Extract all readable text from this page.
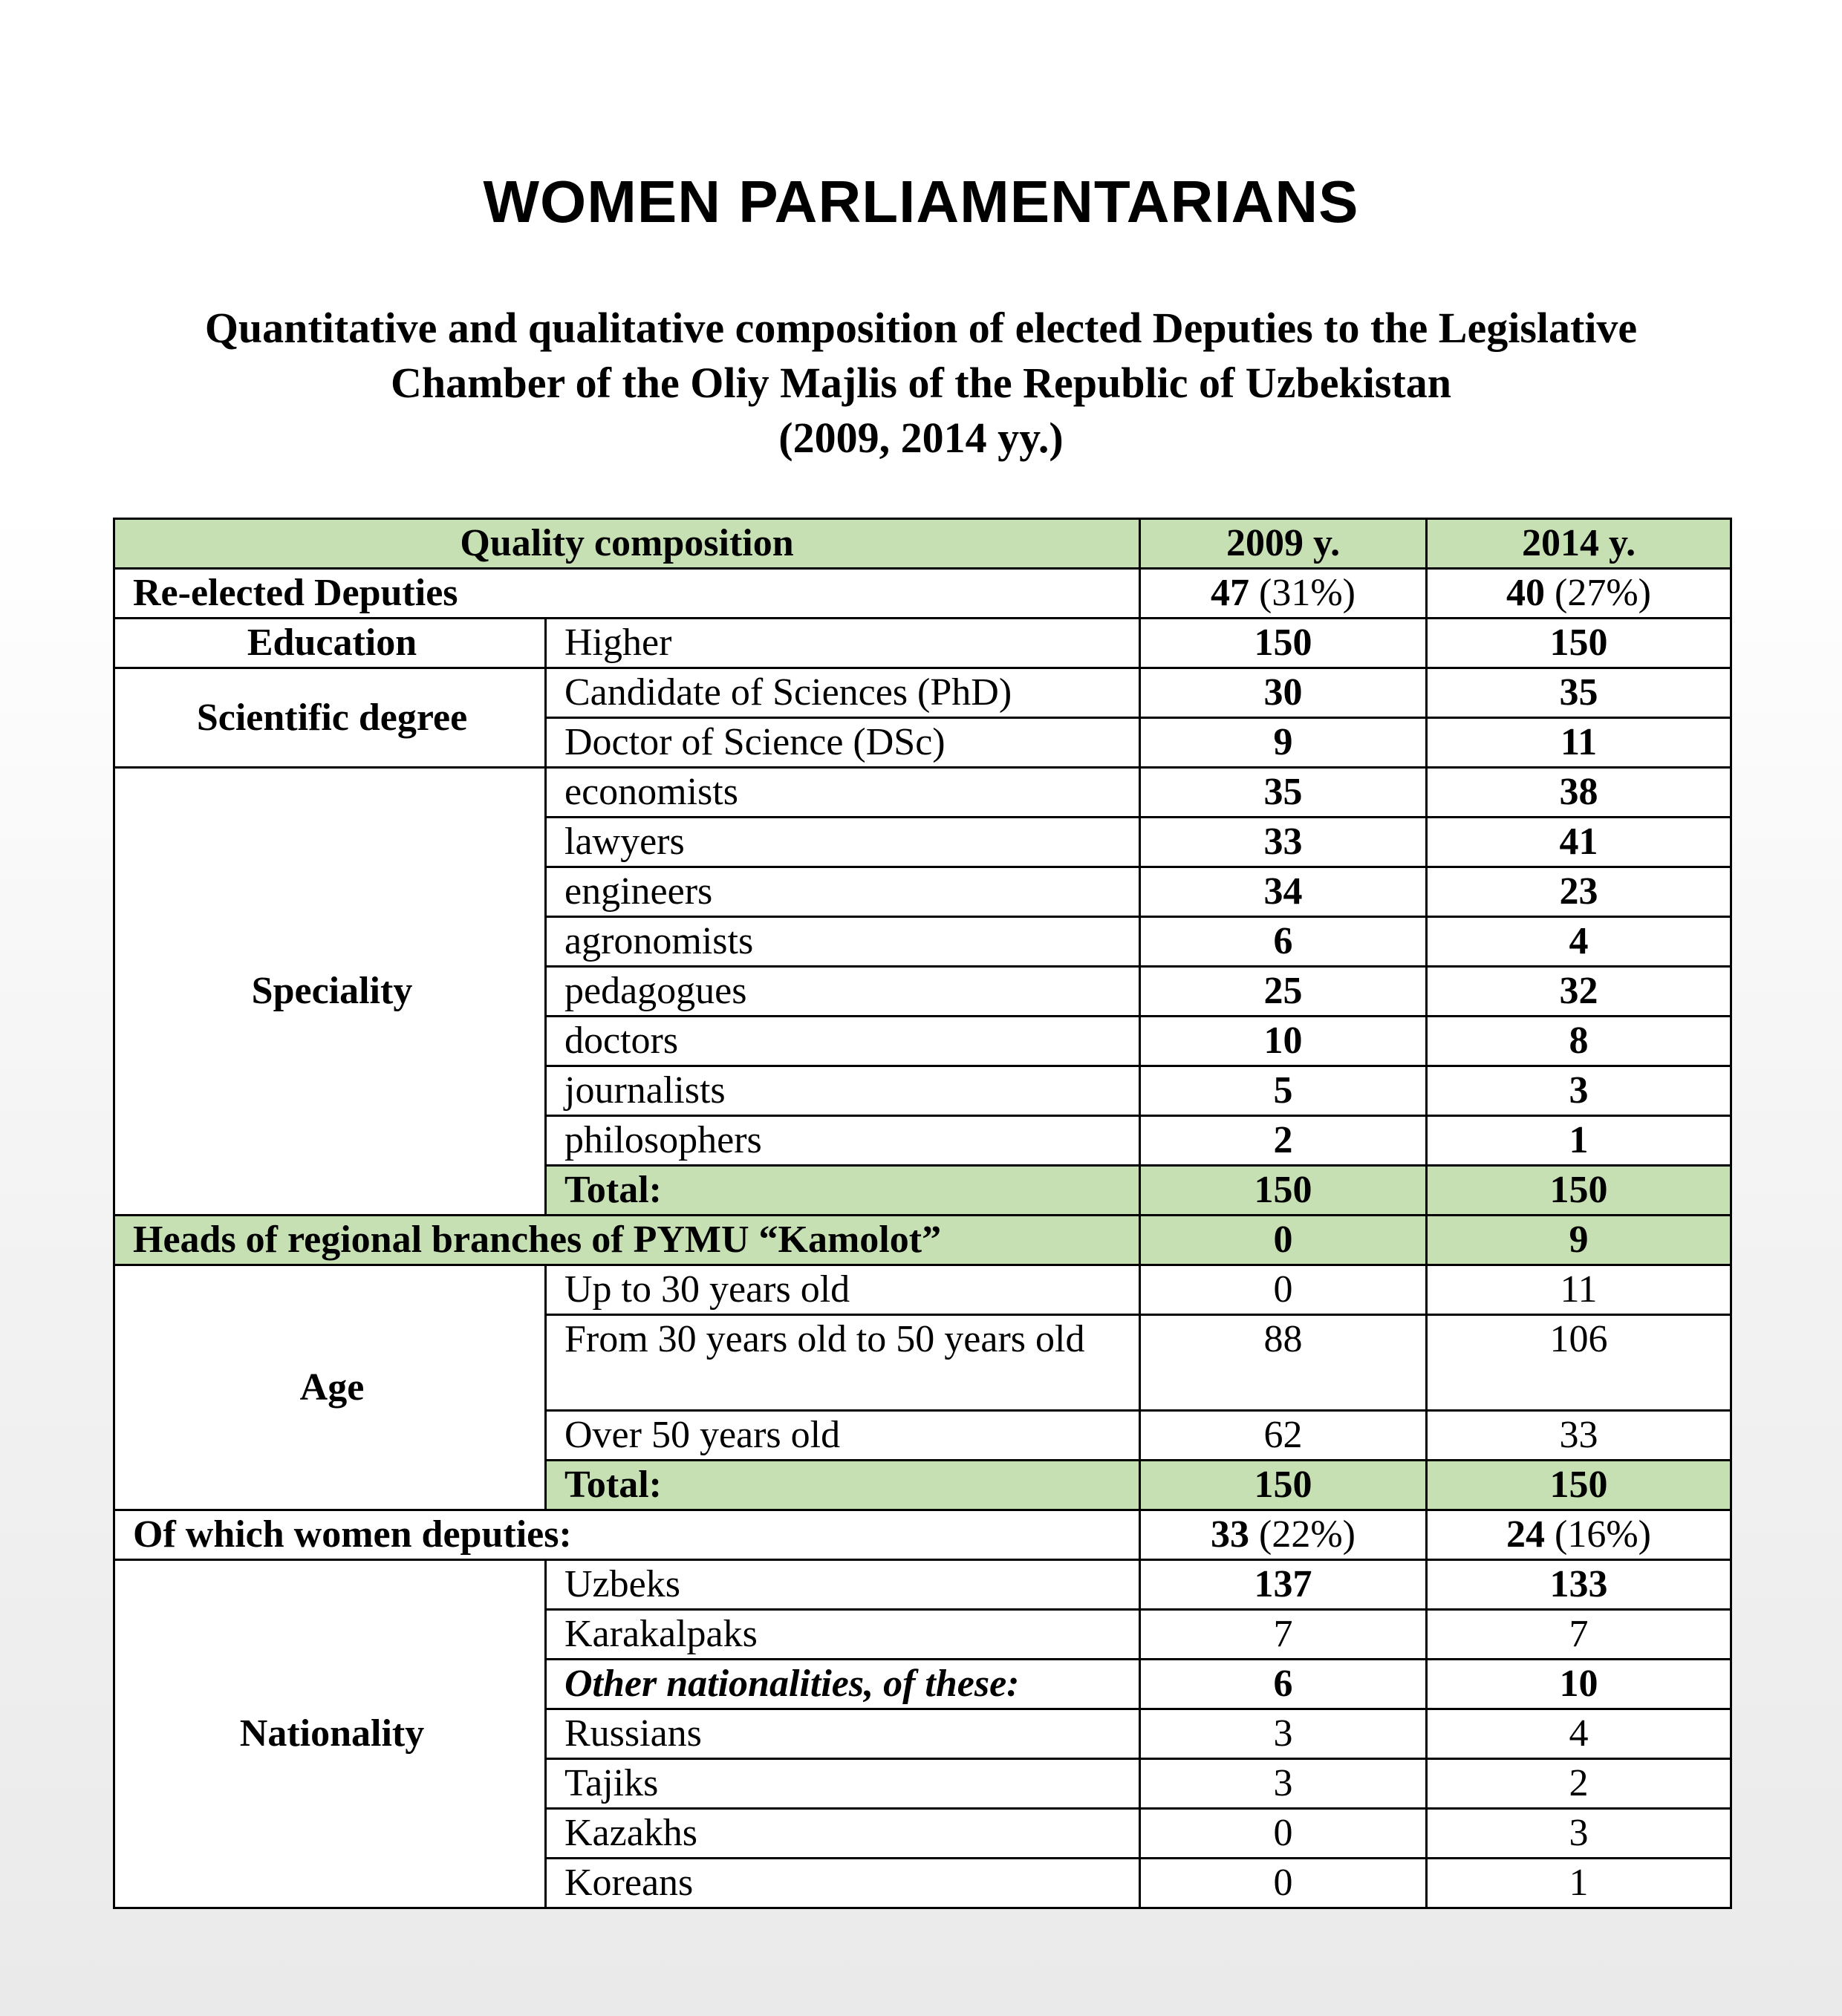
WOMEN PARLIAMENTARIANS
Quantitative and qualitative composition of elected Deputies to the Legislative
Chamber of the Oliy Majlis of the Republic of Uzbekistan
(2009, 2014 yy.)
Quality composition		2009 y.	2014 y.
Re-elected Deputies		47 (31%)	40 (27%)
Education	Higher	150	150
Scientific degree	Candidate of Sciences (PhD)	30	35
	Doctor of Science (DSc)	9	11
Speciality	economists	35	38
	lawyers	33	41
	engineers	34	23
	agronomists	6	4
	pedagogues	25	32
	doctors	10	8
	journalists	5	3
	philosophers	2	1
	Total:	150	150
Heads of regional branches of PYMU “Kamolot”		0	9
Age	Up to 30 years old	0	11
	From 30 years old to 50 years old	88	106
	Over 50 years old	62	33
	Total:	150	150
Of which women deputies:		33 (22%)	24 (16%)
Nationality	Uzbeks	137	133
	Karakalpaks	7	7
	Other nationalities, of these:	6	10
	Russians	3	4
	Tajiks	3	2
	Kazakhs	0	3
	Koreans	0	1
